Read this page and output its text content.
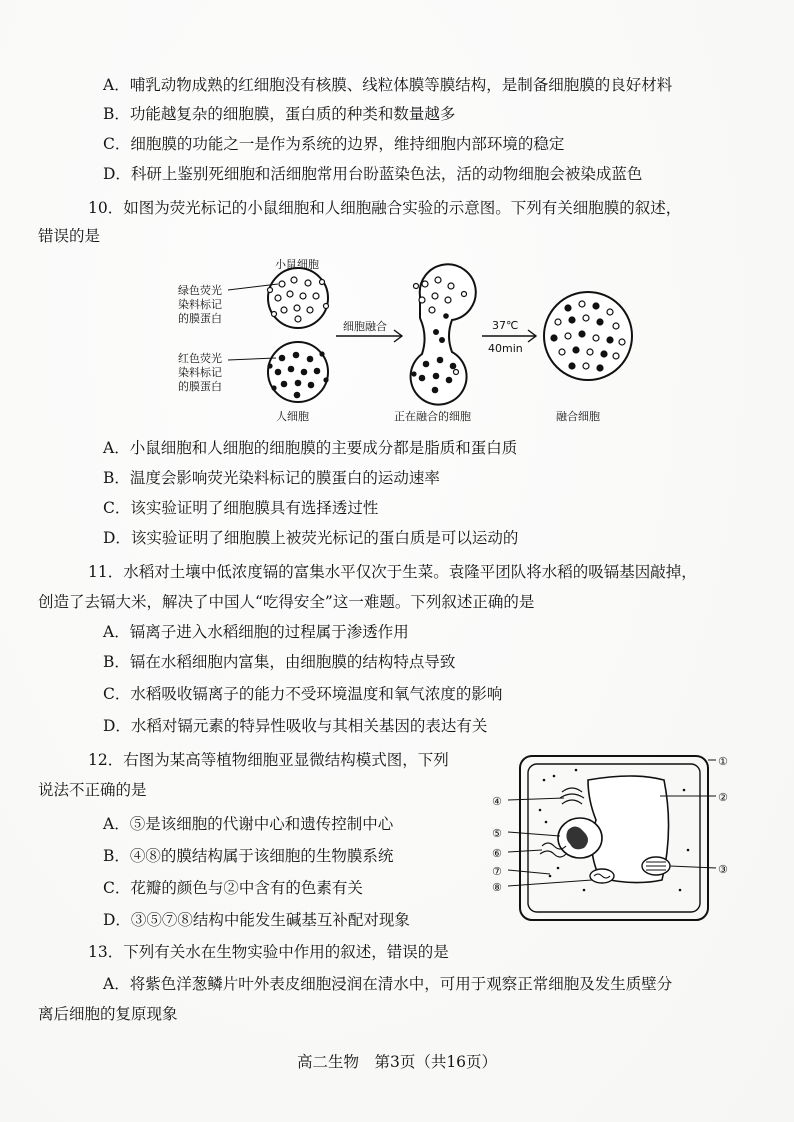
A．哺乳动物成熟的红细胞没有核膜、线粒体膜等膜结构，是制备细胞膜的良好材料
B．功能越复杂的细胞膜，蛋白质的种类和数量越多
C．细胞膜的功能之一是作为系统的边界，维持细胞内部环境的稳定
D．科研上鉴别死细胞和活细胞常用台盼蓝染色法，活的动物细胞会被染成蓝色
10．如图为荧光标记的小鼠细胞和人细胞融合实验的示意图。下列有关细胞膜的叙述，
错误的是
小鼠细胞
绿色荧光
染料标记
的膜蛋白
红色荧光
染料标记
的膜蛋白
人细胞
细胞融合
正在融合的细胞
37℃
40min
融合细胞
A．小鼠细胞和人细胞的细胞膜的主要成分都是脂质和蛋白质
B．温度会影响荧光染料标记的膜蛋白的运动速率
C．该实验证明了细胞膜具有选择透过性
D．该实验证明了细胞膜上被荧光标记的蛋白质是可以运动的
11．水稻对土壤中低浓度镉的富集水平仅次于生菜。袁隆平团队将水稻的吸镉基因敲掉，
创造了去镉大米，解决了中国人“吃得安全”这一难题。下列叙述正确的是
A．镉离子进入水稻细胞的过程属于渗透作用
B．镉在水稻细胞内富集，由细胞膜的结构特点导致
C．水稻吸收镉离子的能力不受环境温度和氧气浓度的影响
D．水稻对镉元素的特异性吸收与其相关基因的表达有关
12．右图为某高等植物细胞亚显微结构模式图，下列
说法不正确的是
A．⑤是该细胞的代谢中心和遗传控制中心
B．④⑧的膜结构属于该细胞的生物膜系统
C．花瓣的颜色与②中含有的色素有关
D．③⑤⑦⑧结构中能发生碱基互补配对现象
①
②
③
④
⑤
⑥
⑦
⑧
13．下列有关水在生物实验中作用的叙述，错误的是
A．将紫色洋葱鳞片叶外表皮细胞浸润在清水中，可用于观察正常细胞及发生质壁分
离后细胞的复原现象
高二生物　第3页（共16页）
